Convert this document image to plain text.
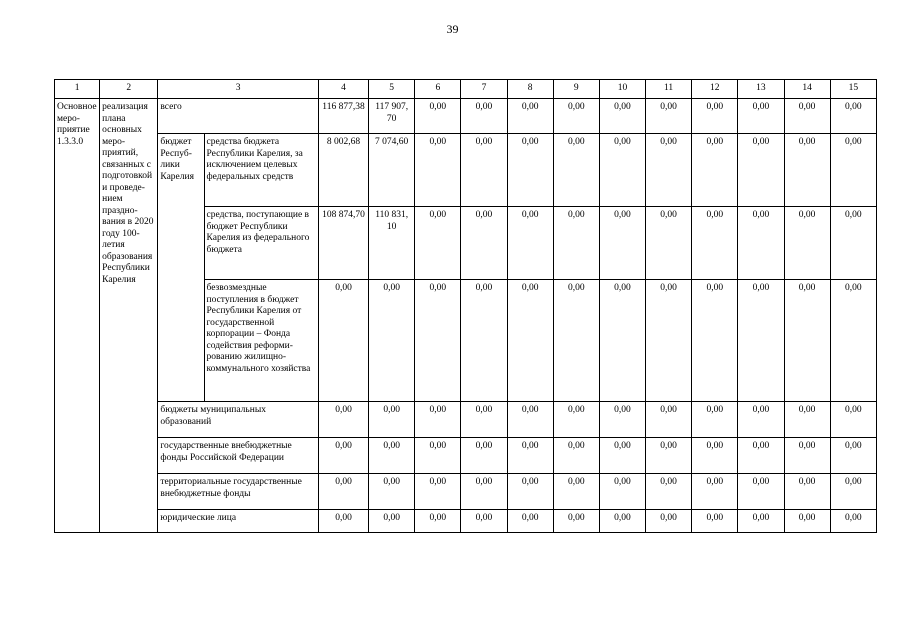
39
1	2	3		4	5	6	7	8	9	10	11	12	13	14	15
Основное мероприятие 1.3.3.0	реализация плана основных мероприятий, связанных с подготовкой и проведением празднования в 2020 году 100-летия образования Республики Карелия	всего		116 877,38	117 907, 70	0,00	0,00	0,00	0,00	0,00	0,00	0,00	0,00	0,00	0,00
		бюджет Республики Карелия	средства бюджета Республики Карелия, за исключением целевых федеральных средств	8 002,68	7 074,60	0,00	0,00	0,00	0,00	0,00	0,00	0,00	0,00	0,00	0,00
			средства, поступающие в бюджет Республики Карелия из федерального бюджета	108 874,70	110 831, 10	0,00	0,00	0,00	0,00	0,00	0,00	0,00	0,00	0,00	0,00
			безвозмездные поступления в бюджет Республики Карелия от государственной корпорации – Фонда содействия реформированию жилищно-коммунального хозяйства	0,00	0,00	0,00	0,00	0,00	0,00	0,00	0,00	0,00	0,00	0,00	0,00
		бюджеты муниципальных образований		0,00	0,00	0,00	0,00	0,00	0,00	0,00	0,00	0,00	0,00	0,00	0,00
		государственные внебюджетные фонды Российской Федерации		0,00	0,00	0,00	0,00	0,00	0,00	0,00	0,00	0,00	0,00	0,00	0,00
		территориальные государственные внебюджетные фонды		0,00	0,00	0,00	0,00	0,00	0,00	0,00	0,00	0,00	0,00	0,00	0,00
		юридические лица		0,00	0,00	0,00	0,00	0,00	0,00	0,00	0,00	0,00	0,00	0,00	0,00
